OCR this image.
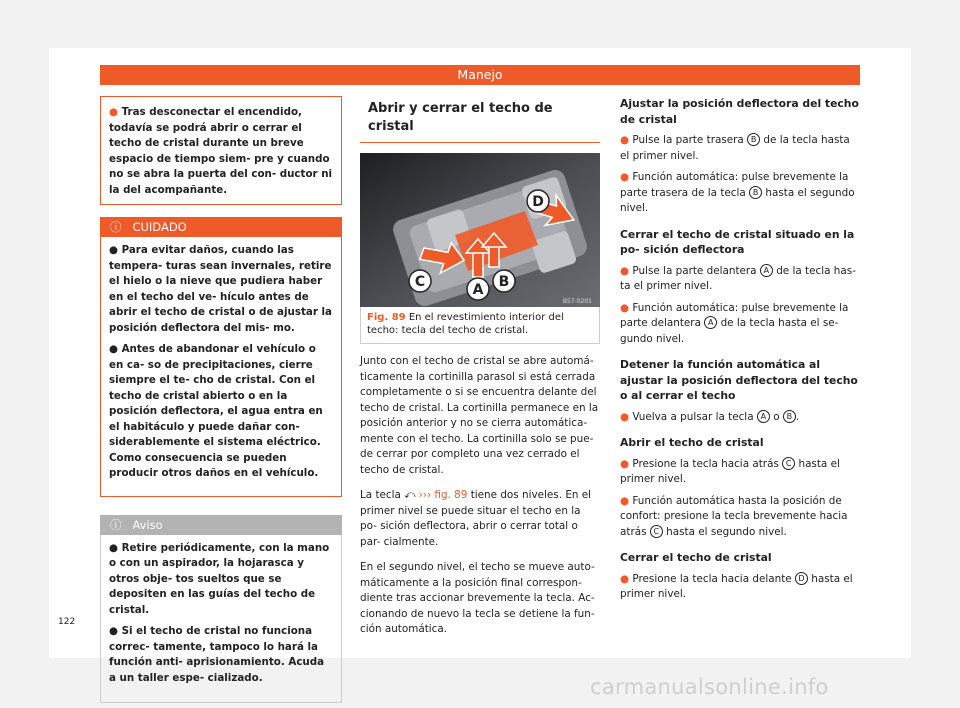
Manejo
● Tras desconectar el encendido, todavía se podrá abrir o cerrar el techo de cristal durante un breve espacio de tiempo siem- pre y cuando no se abra la puerta del con- ductor ni la del acompañante.
ⓘ CUIDADO
● Para evitar daños, cuando las tempera- turas sean invernales, retire el hielo o la nieve que pudiera haber en el techo del ve- hículo antes de abrir el techo de cristal o de ajustar la posición deflectora del mis- mo.
● Antes de abandonar el vehículo o en ca- so de precipitaciones, cierre siempre el te- cho de cristal. Con el techo de cristal abierto o en la posición deflectora, el agua entra en el habitáculo y puede dañar con- siderablemente el sistema eléctrico. Como consecuencia se pueden producir otros daños en el vehículo.
ⓘ Aviso
● Retire periódicamente, con la mano o con un aspirador, la hojarasca y otros obje- tos sueltos que se depositen en las guías del techo de cristal.
● Si el techo de cristal no funciona correc- tamente, tampoco lo hará la función anti- aprisionamiento. Acuda a un taller espe- cializado.
Abrir y cerrar el techo de cristal
D
C	A B
B57-0201
Fig. 89 En el revestimiento interior del techo: tecla del techo de cristal.

Junto con el techo de cristal se abre automá- ticamente la cortinilla parasol si está cerrada completamente o si se encuentra delante del techo de cristal. La cortinilla permanece en la posición anterior y no se cierra automática- mente con el techo. La cortinilla solo se pue- de cerrar por completo una vez cerrado el techo de cristal.

La tecla ⤺ ››› fig. 89 tiene dos niveles. En el primer nivel se puede situar el techo en la po- sición deflectora, abrir o cerrar total o par- cialmente.

En el segundo nivel, el techo se mueve auto- máticamente a la posición final correspon- diente tras accionar brevemente la tecla. Ac- cionando de nuevo la tecla se detiene la fun- ción automática.

Ajustar la posición deflectora del techo de cristal
● Pulse la parte trasera B de la tecla hasta el primer nivel.
● Función automática: pulse brevemente la parte trasera de la tecla B hasta el segundo nivel.
Cerrar el techo de cristal situado en la po- sición deflectora
● Pulse la parte delantera A de la tecla has- ta el primer nivel.
● Función automática: pulse brevemente la parte delantera A de la tecla hasta el se- gundo nivel.
Detener la función automática al ajustar la posición deflectora del techo o al cerrar el techo
● Vuelva a pulsar la tecla A o B .
Abrir el techo de cristal
● Presione la tecla hacia atrás C hasta el primer nivel.
● Función automática hasta la posición de confort: presione la tecla brevemente hacia atrás C hasta el segundo nivel.
Cerrar el techo de cristal
● Presione la tecla hacia delante D hasta el primer nivel.
122
carmanualsonline.info
